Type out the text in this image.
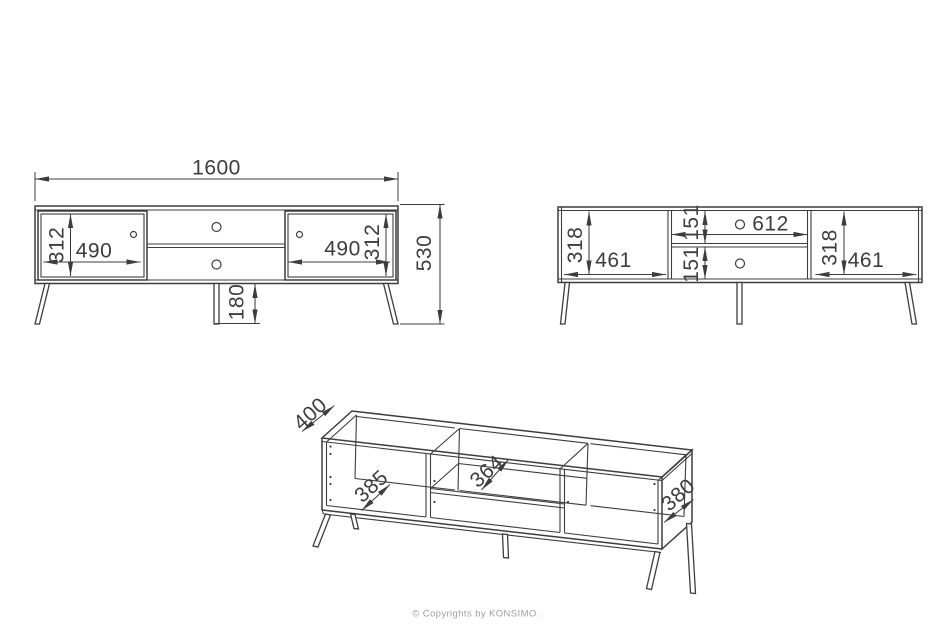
1600
312 490	312
490
180
530	318 461
151
151
612
318 461
400
385	364
380
© Copyrights by KONSIMO.
